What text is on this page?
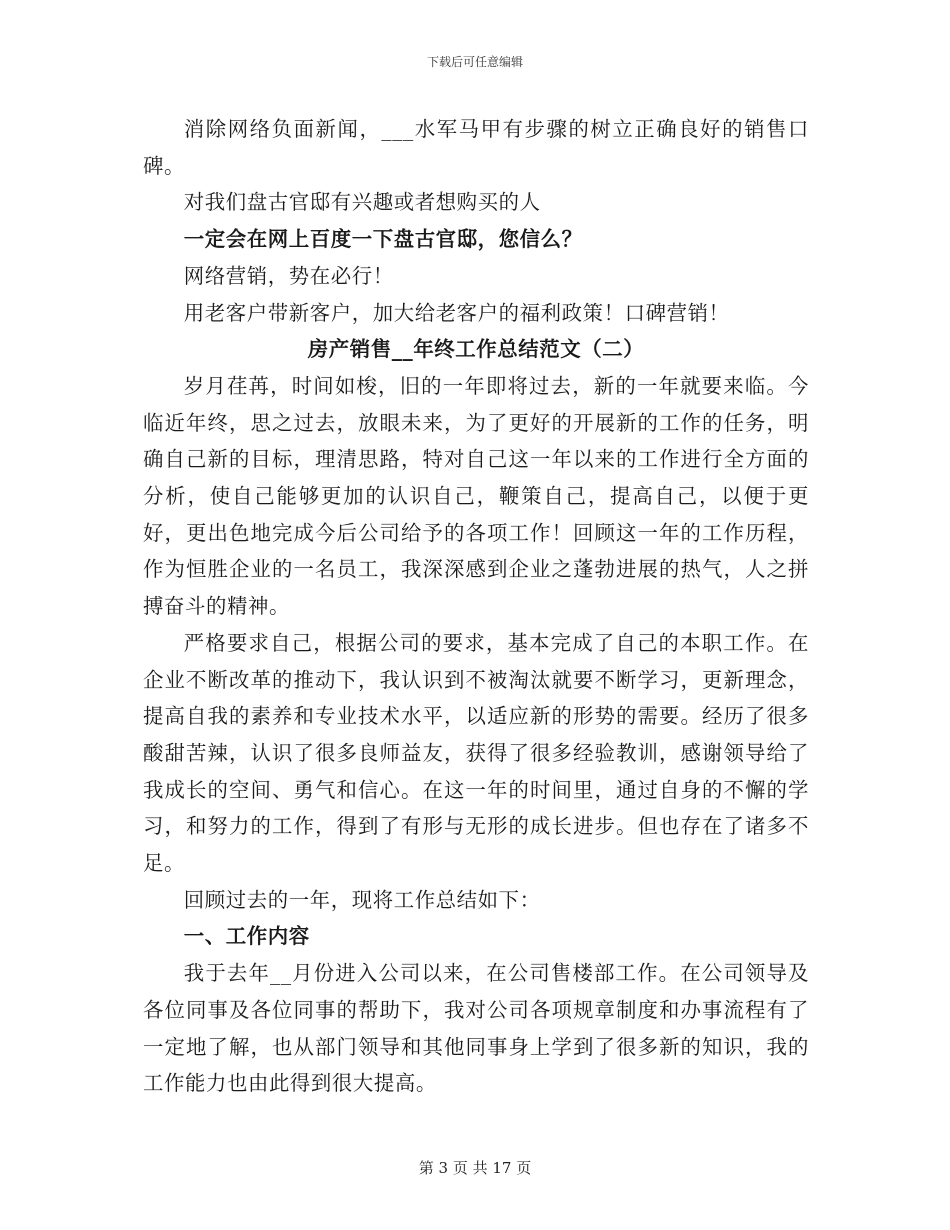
下载后可任意编辑

消除网络负面新闻，___水军马甲有步骤的树立正确良好的销售口碑。

对我们盘古官邸有兴趣或者想购买的人

一定会在网上百度一下盘古官邸，您信么？

网络营销，势在必行！

用老客户带新客户，加大给老客户的福利政策！口碑营销！

房产销售__年终工作总结范文（二）

岁月荏苒，时间如梭，旧的一年即将过去，新的一年就要来临。今临近年终，思之过去，放眼未来，为了更好的开展新的工作的任务，明确自己新的目标，理清思路，特对自己这一年以来的工作进行全方面的分析，使自己能够更加的认识自己，鞭策自己，提高自己，以便于更好，更出色地完成今后公司给予的各项工作！回顾这一年的工作历程，作为恒胜企业的一名员工，我深深感到企业之蓬勃进展的热气，人之拼搏奋斗的精神。

严格要求自己，根据公司的要求，基本完成了自己的本职工作。在企业不断改革的推动下，我认识到不被淘汰就要不断学习，更新理念，提高自我的素养和专业技术水平，以适应新的形势的需要。经历了很多酸甜苦辣，认识了很多良师益友，获得了很多经验教训，感谢领导给了我成长的空间、勇气和信心。在这一年的时间里，通过自身的不懈的学习，和努力的工作，得到了有形与无形的成长进步。但也存在了诸多不足。

回顾过去的一年，现将工作总结如下：

一、工作内容

我于去年__月份进入公司以来，在公司售楼部工作。在公司领导及各位同事及各位同事的帮助下，我对公司各项规章制度和办事流程有了一定地了解，也从部门领导和其他同事身上学到了很多新的知识，我的工作能力也由此得到很大提高。

第 3 页 共 17 页
